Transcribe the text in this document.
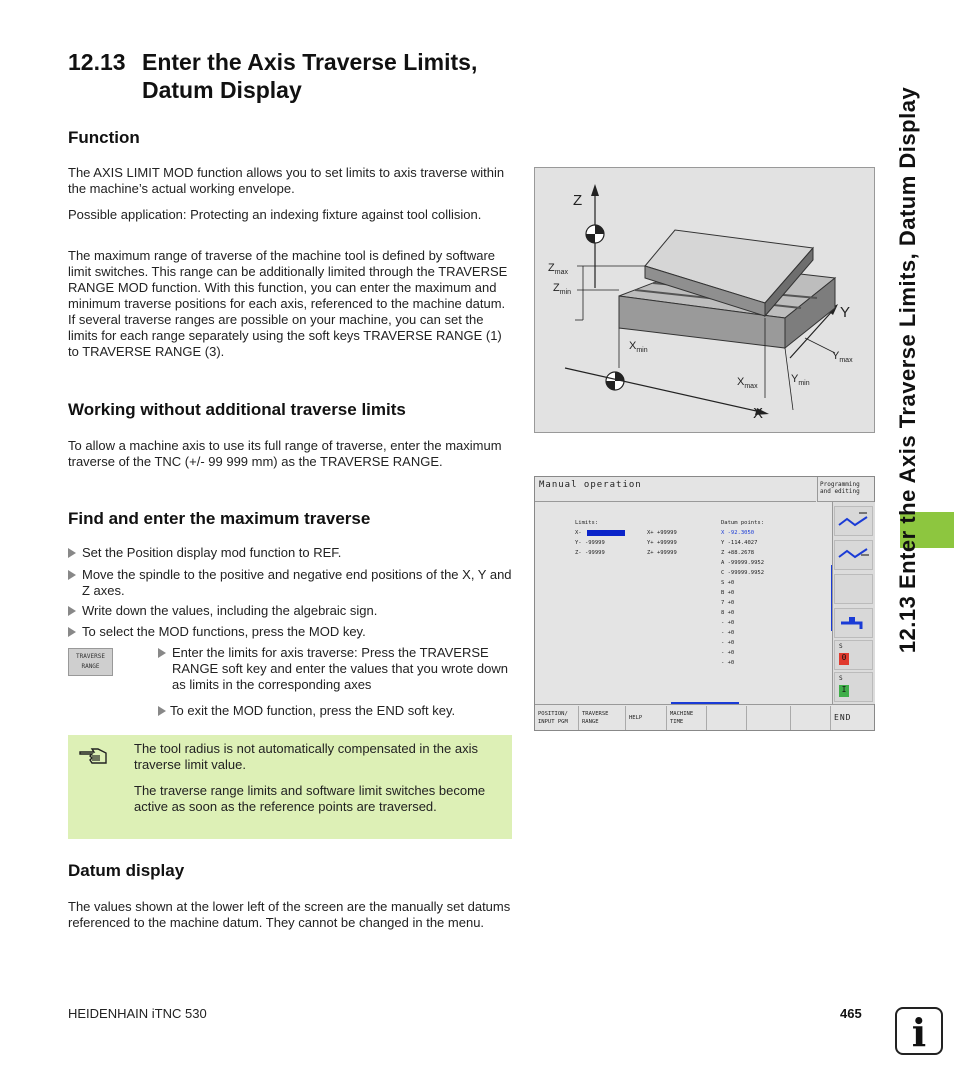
12.13 Enter the Axis Traverse Limits,
Datum Display	12.13 Enter the Axis Traverse Limits, Datum Display
Function

The AXIS LIMIT MOD function allows you to set limits to axis traverse within the machine’s actual working envelope.

Possible application: Protecting an indexing fixture against tool collision.

The maximum range of traverse of the machine tool is defined by software limit switches. This range can be additionally limited through the TRAVERSE RANGE MOD function. With this function, you can enter the maximum and minimum traverse positions for each axis, referenced to the machine datum. If several traverse ranges are possible on your machine, you can set the limits for each range separately using the soft keys TRAVERSE RANGE (1) to TRAVERSE RANGE (3).

Working without additional traverse limits

To allow a machine axis to use its full range of traverse, enter the maximum traverse of the TNC (+/- 99 999 mm) as the TRAVERSE RANGE.

Find and enter the maximum traverse
Set the Position display mod function to REF.
Move the spindle to the positive and negative end positions of the X, Y and Z axes.
Write down the values, including the algebraic sign.
To select the MOD functions, press the MOD key.
TRAVERSE
RANGE
Enter the limits for axis traverse: Press the TRAVERSE RANGE soft key and enter the values that you wrote down as limits in the corresponding axes
To exit the MOD function, press the END soft key.

The tool radius is not automatically compensated in the axis traverse limit value.

The traverse range limits and software limit switches become active as soon as the reference points are traversed.

Datum display

The values shown at the lower left of the screen are the manually set datums referenced to the machine datum. They cannot be changed in the menu.

Z
Y
X
$Z_{max}$
$Z_{min}$
$X_{min}$
$X_{max}$
$Y_{min}$
$Y_{max}$
Manual operation	Programming
and editing
Limits:
X- -99999	X+ +99999
Y- -99999	Y+ +99999
Z- -99999	Z+ +99999
Datum points:
X -92.3050
Y -114.4027
Z +88.2678
A -99999.9952
C -99999.9952
S +0
B +0
7 +0
8 +0
- +0
- +0
- +0
- +0
- +0
S
0
S
I
POSITION/
INPUT PGM
TRAVERSE
RANGE
HELP
MACHINE
TIME	END
HEIDENHAIN iTNC 530	465	i
